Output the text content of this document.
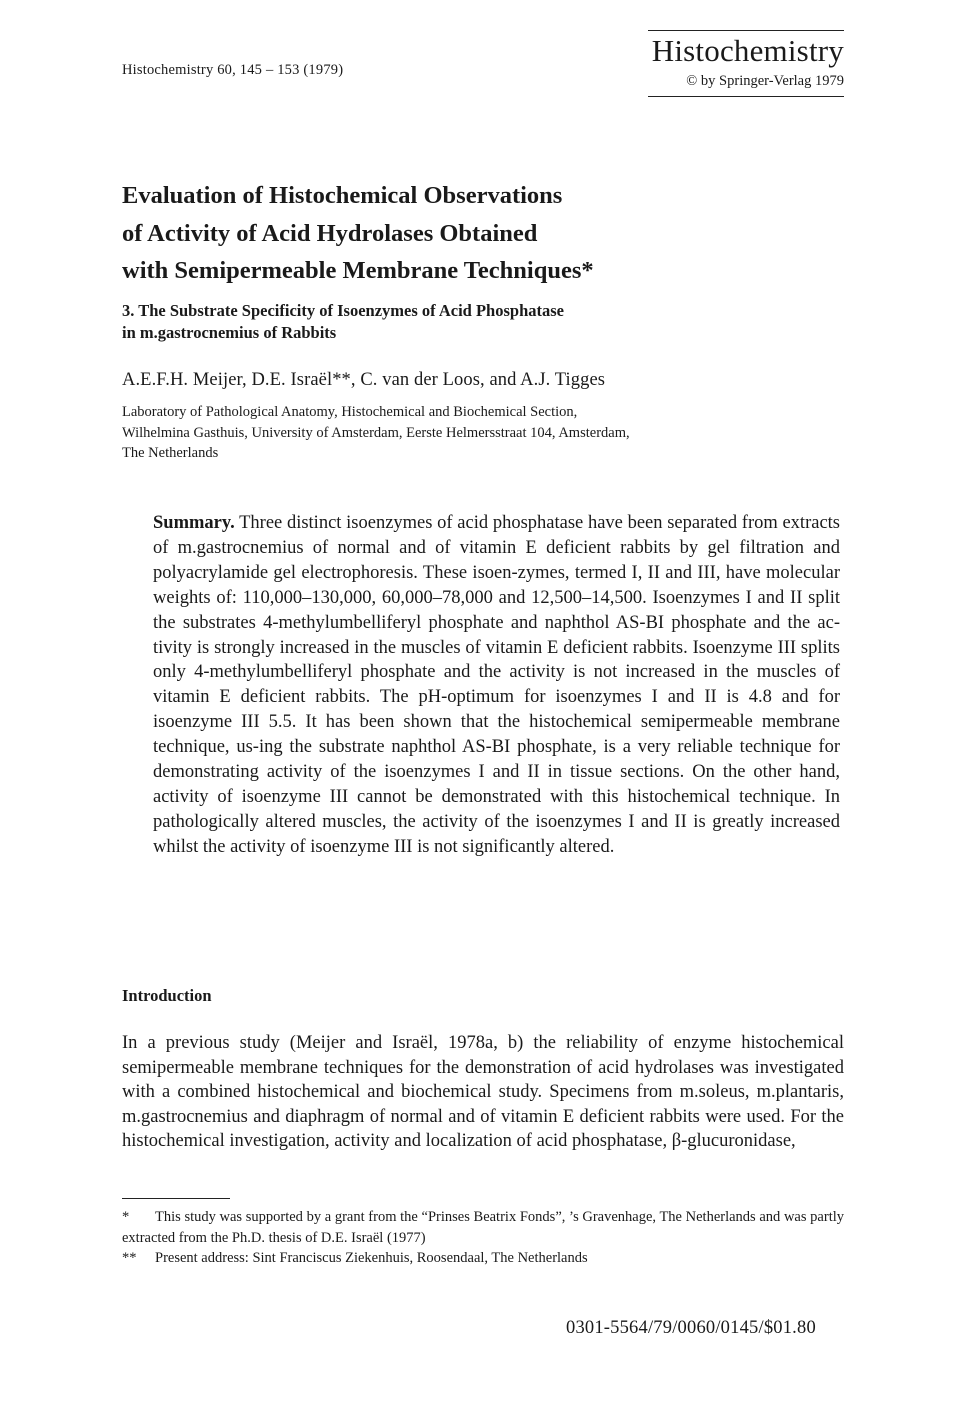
Histochemistry 60, 145 – 153 (1979)
Histochemistry
© by Springer-Verlag 1979
Evaluation of Histochemical Observations
of Activity of Acid Hydrolases Obtained
with Semipermeable Membrane Techniques*
3. The Substrate Specificity of Isoenzymes of Acid Phosphatase
in m.gastrocnemius of Rabbits
A.E.F.H. Meijer, D.E. Israël**, C. van der Loos, and A.J. Tigges
Laboratory of Pathological Anatomy, Histochemical and Biochemical Section,
Wilhelmina Gasthuis, University of Amsterdam, Eerste Helmersstraat 104, Amsterdam,
The Netherlands
Summary. Three distinct isoenzymes of acid phosphatase have been separated from extracts of m.gastrocnemius of normal and of vitamin E deficient rabbits by gel filtration and polyacrylamide gel electrophoresis. These isoen-zymes, termed I, II and III, have molecular weights of: 110,000–130,000, 60,000–78,000 and 12,500–14,500. Isoenzymes I and II split the substrates 4-methylumbelliferyl phosphate and naphthol AS-BI phosphate and the ac-tivity is strongly increased in the muscles of vitamin E deficient rabbits. Isoenzyme III splits only 4-methylumbelliferyl phosphate and the activity is not increased in the muscles of vitamin E deficient rabbits. The pH-optimum for isoenzymes I and II is 4.8 and for isoenzyme III 5.5. It has been shown that the histochemical semipermeable membrane technique, us-ing the substrate naphthol AS-BI phosphate, is a very reliable technique for demonstrating activity of the isoenzymes I and II in tissue sections. On the other hand, activity of isoenzyme III cannot be demonstrated with this histochemical technique. In pathologically altered muscles, the activity of the isoenzymes I and II is greatly increased whilst the activity of isoenzyme III is not significantly altered.
Introduction
In a previous study (Meijer and Israël, 1978a, b) the reliability of enzyme histochemical semipermeable membrane techniques for the demonstration of acid hydrolases was investigated with a combined histochemical and biochemical study. Specimens from m.soleus, m.plantaris, m.gastrocnemius and diaphragm of normal and of vitamin E deficient rabbits were used. For the histochemical investigation, activity and localization of acid phosphatase, β-glucuronidase,
* This study was supported by a grant from the “Prinses Beatrix Fonds”, ’s Gravenhage, The Netherlands and was partly extracted from the Ph.D. thesis of D.E. Israël (1977)
** Present address: Sint Franciscus Ziekenhuis, Roosendaal, The Netherlands
0301-5564/79/0060/0145/$01.80
